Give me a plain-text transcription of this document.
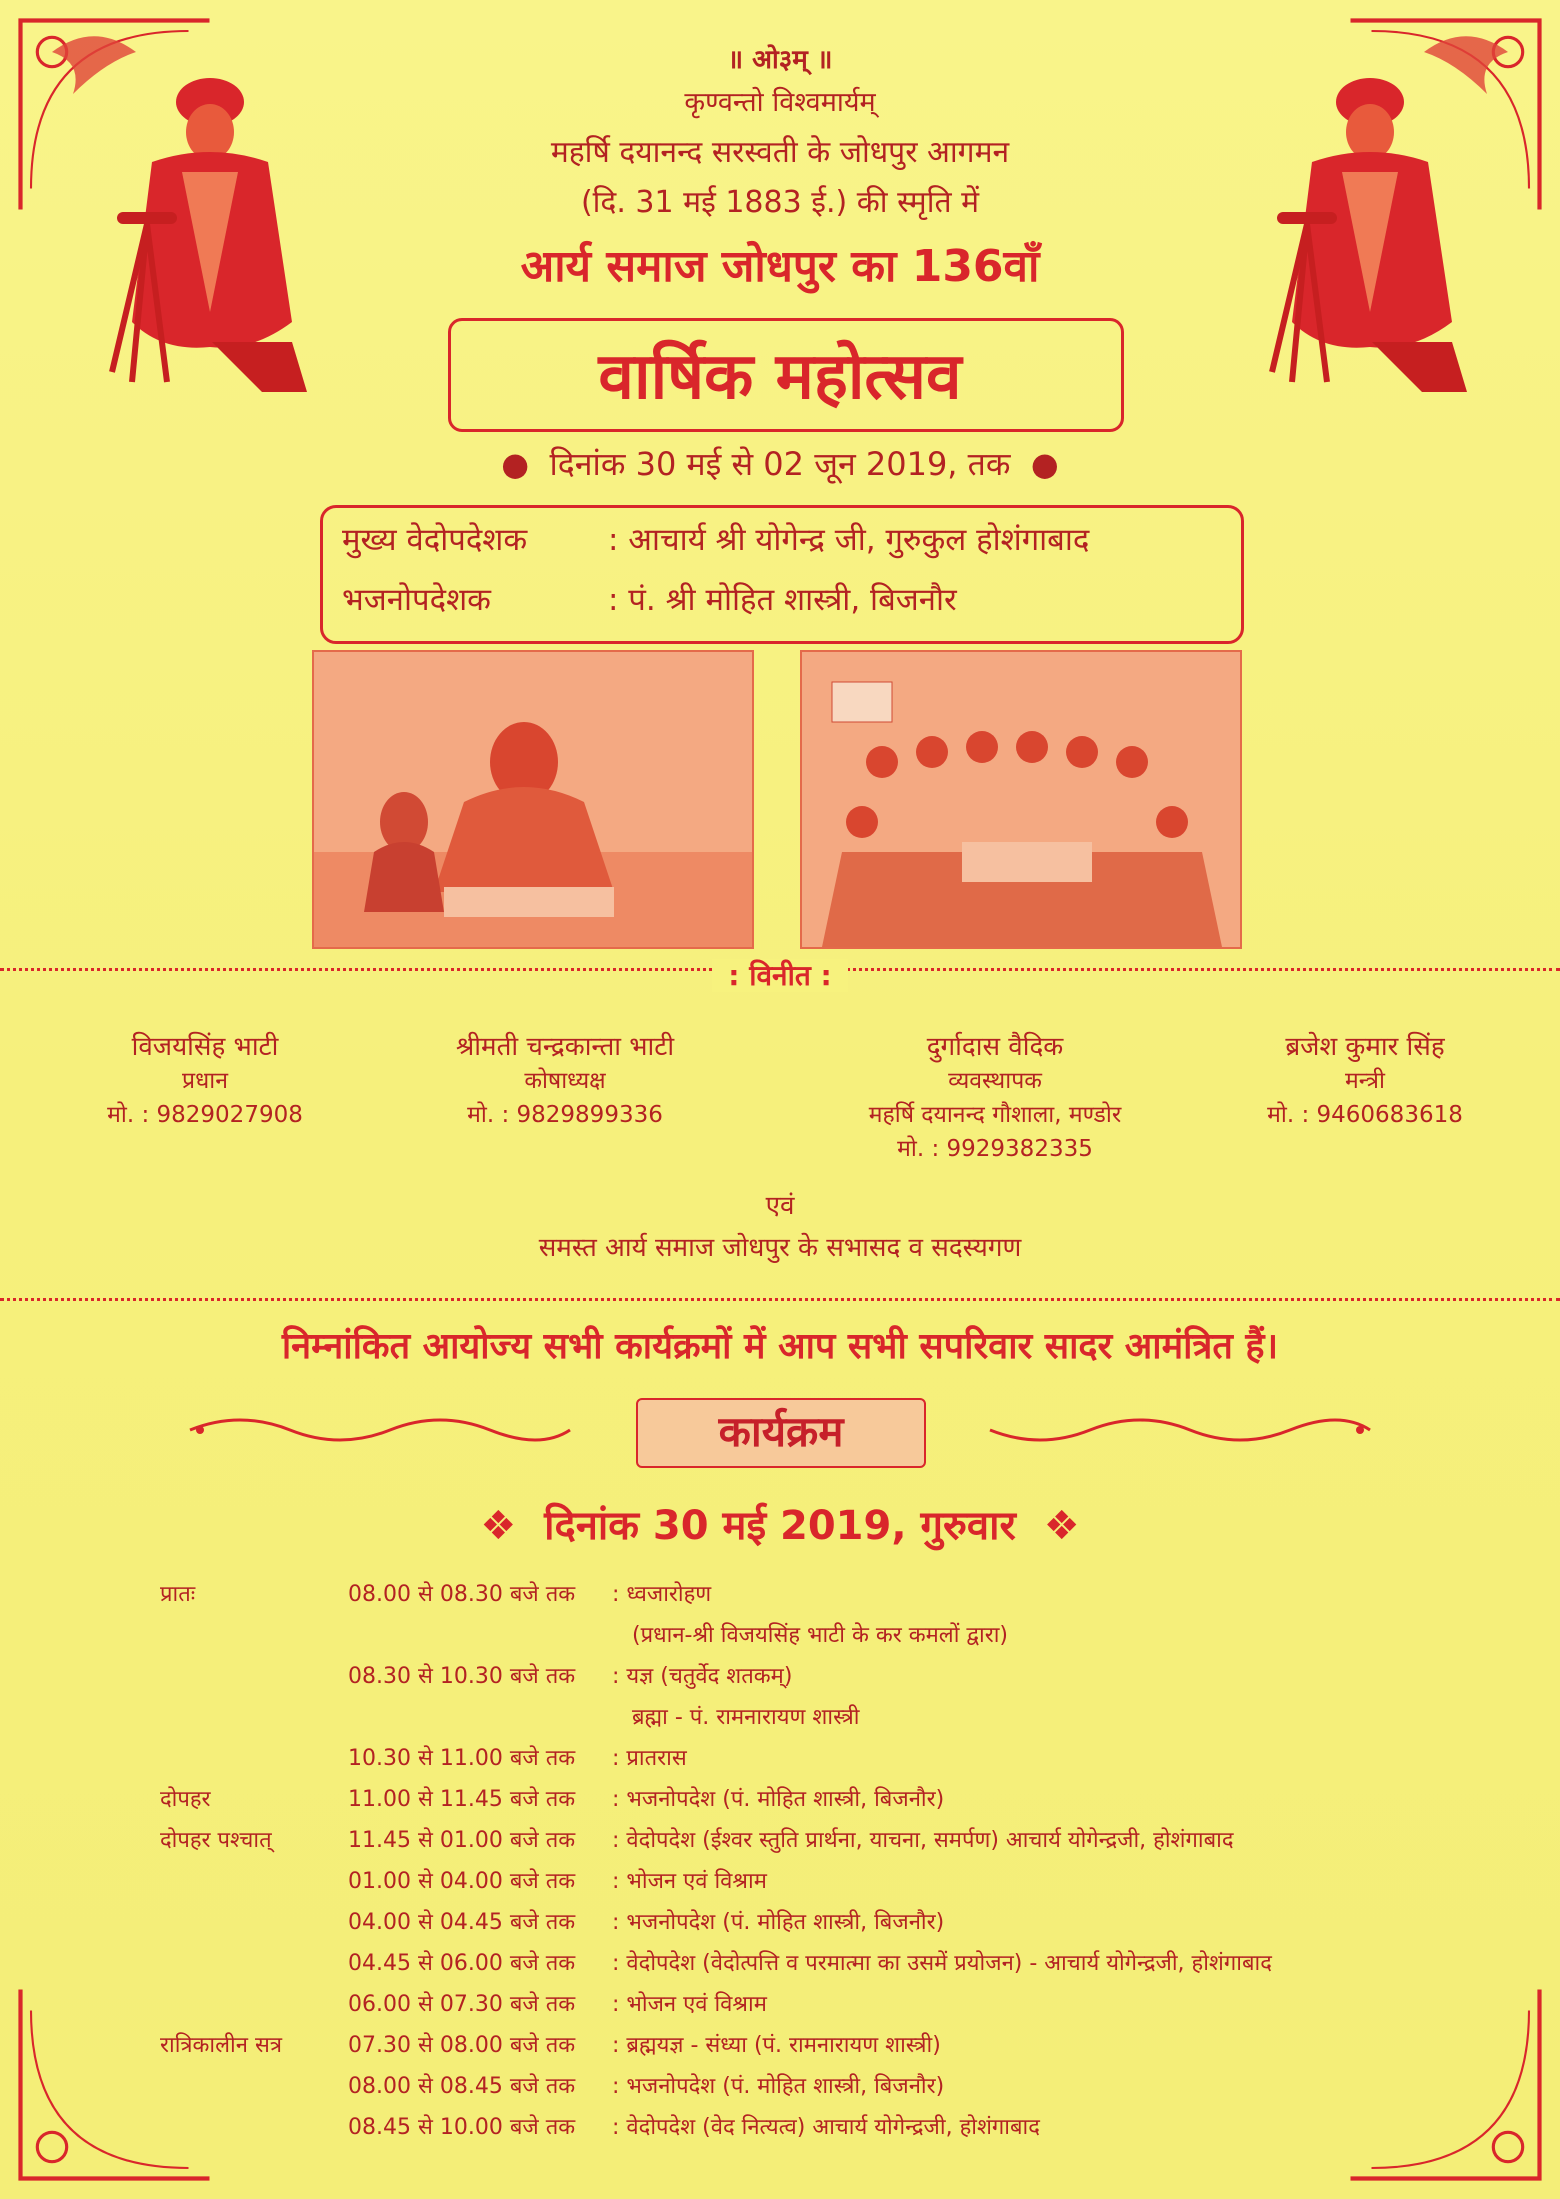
॥ ओ३म् ॥
कृण्वन्तो विश्वमार्यम्
महर्षि दयानन्द सरस्वती के जोधपुर आगमन
(दि. 31 मई 1883 ई.) की स्मृति में
आर्य समाज जोधपुर का 136वाँ
वार्षिक महोत्सव
●  दिनांक 30 मई से 02 जून 2019, तक  ●
मुख्य वेदोपदेशक	: आचार्य श्री योगेन्द्र जी, गुरुकुल होशंगाबाद
भजनोपदेशक	: पं. श्री मोहित शास्त्री, बिजनौर
: विनीत :
विजयसिंह भाटी
प्रधान
मो. : 9829027908
श्रीमती चन्द्रकान्ता भाटी
कोषाध्यक्ष
मो. : 9829899336
दुर्गादास वैदिक
व्यवस्थापक
महर्षि दयानन्द गौशाला, मण्डोर
मो. : 9929382335
ब्रजेश कुमार सिंह
मन्त्री
मो. : 9460683618
एवं
समस्त आर्य समाज जोधपुर के सभासद व सदस्यगण
निम्नांकित आयोज्य सभी कार्यक्रमों में आप सभी सपरिवार सादर आमंत्रित हैं।
कार्यक्रम
❖  दिनांक 30 मई 2019, गुरुवार  ❖
प्रातः	08.00 से 08.30 बजे तक	: ध्वजारोहण
(प्रधान-श्री विजयसिंह भाटी के कर कमलों द्वारा)
08.30 से 10.30 बजे तक	: यज्ञ (चतुर्वेद शतकम्)
ब्रह्मा - पं. रामनारायण शास्त्री
10.30 से 11.00 बजे तक	: प्रातरास
दोपहर	11.00 से 11.45 बजे तक	: भजनोपदेश (पं. मोहित शास्त्री, बिजनौर)
दोपहर पश्चात्	11.45 से 01.00 बजे तक	: वेदोपदेश (ईश्वर स्तुति प्रार्थना, याचना, समर्पण) आचार्य योगेन्द्रजी, होशंगाबाद
01.00 से 04.00 बजे तक	: भोजन एवं विश्राम
04.00 से 04.45 बजे तक	: भजनोपदेश (पं. मोहित शास्त्री, बिजनौर)
04.45 से 06.00 बजे तक	: वेदोपदेश (वेदोत्पत्ति व परमात्मा का उसमें प्रयोजन) - आचार्य योगेन्द्रजी, होशंगाबाद
06.00 से 07.30 बजे तक	: भोजन एवं विश्राम
रात्रिकालीन सत्र	07.30 से 08.00 बजे तक	: ब्रह्मयज्ञ - संध्या (पं. रामनारायण शास्त्री)
08.00 से 08.45 बजे तक	: भजनोपदेश (पं. मोहित शास्त्री, बिजनौर)
08.45 से 10.00 बजे तक	: वेदोपदेश (वेद नित्यत्व) आचार्य योगेन्द्रजी, होशंगाबाद
